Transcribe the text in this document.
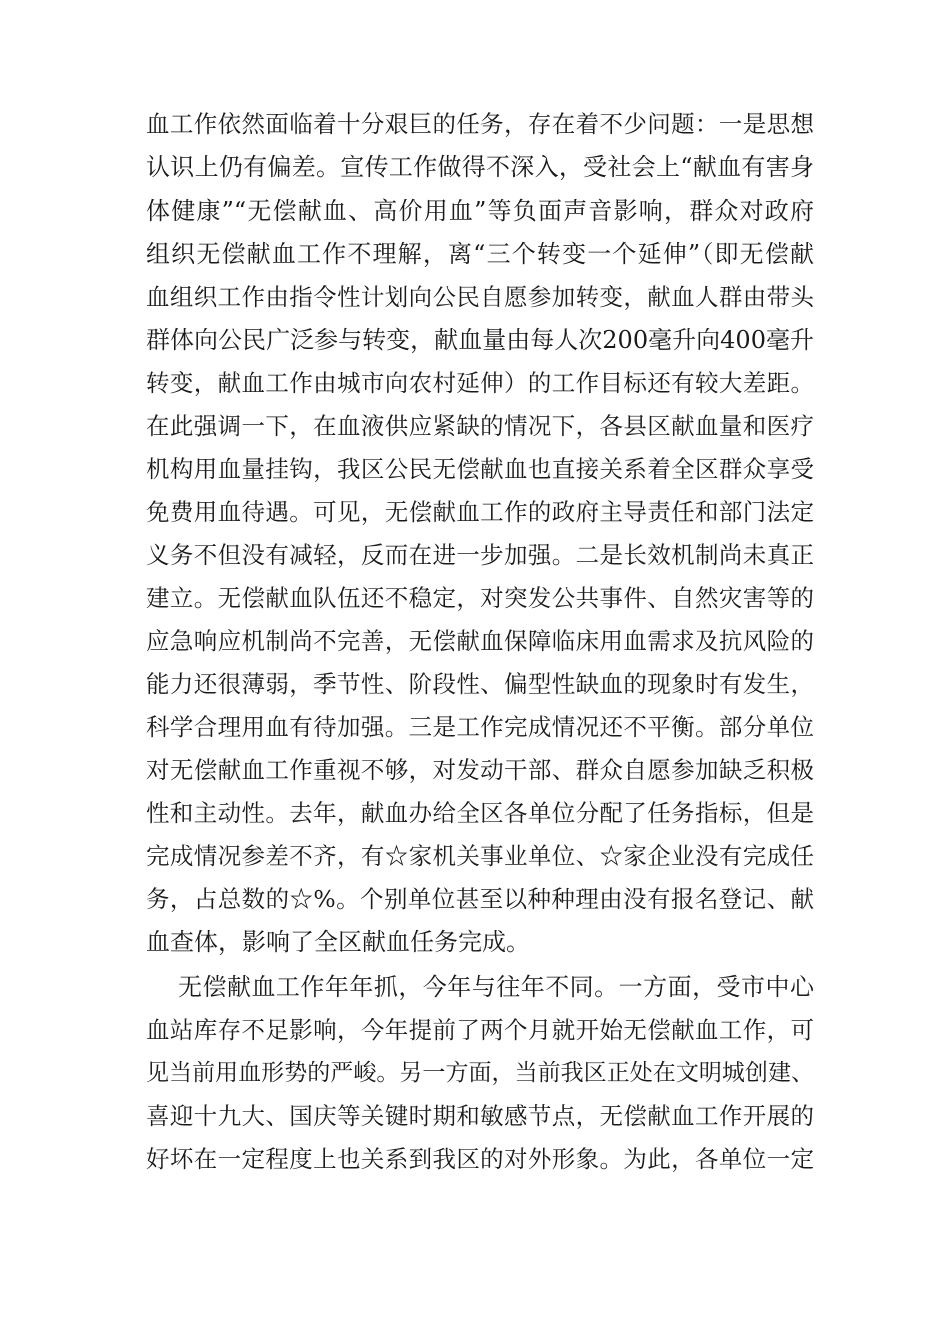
血工作依然面临着十分艰巨的任务，存在着不少问题：一是思想
认识上仍有偏差。宣传工作做得不深入，受社会上“献血有害身
体健康”“无偿献血、高价用血”等负面声音影响，群众对政府
组织无偿献血工作不理解，离“三个转变一个延伸”（即无偿献
血组织工作由指令性计划向公民自愿参加转变，献血人群由带头
群体向公民广泛参与转变，献血量由每人次200毫升向400毫升
转变，献血工作由城市向农村延伸）的工作目标还有较大差距。
在此强调一下，在血液供应紧缺的情况下，各县区献血量和医疗
机构用血量挂钩，我区公民无偿献血也直接关系着全区群众享受
免费用血待遇。可见，无偿献血工作的政府主导责任和部门法定
义务不但没有减轻，反而在进一步加强。二是长效机制尚未真正
建立。无偿献血队伍还不稳定，对突发公共事件、自然灾害等的
应急响应机制尚不完善，无偿献血保障临床用血需求及抗风险的
能力还很薄弱，季节性、阶段性、偏型性缺血的现象时有发生，
科学合理用血有待加强。三是工作完成情况还不平衡。部分单位
对无偿献血工作重视不够，对发动干部、群众自愿参加缺乏积极
性和主动性。去年，献血办给全区各单位分配了任务指标，但是
完成情况参差不齐，有☆家机关事业单位、☆家企业没有完成任
务，占总数的☆%。个别单位甚至以种种理由没有报名登记、献
血查体，影响了全区献血任务完成。
无偿献血工作年年抓，今年与往年不同。一方面，受市中心
血站库存不足影响，今年提前了两个月就开始无偿献血工作，可
见当前用血形势的严峻。另一方面，当前我区正处在文明城创建、
喜迎十九大、国庆等关键时期和敏感节点，无偿献血工作开展的
好坏在一定程度上也关系到我区的对外形象。为此，各单位一定
